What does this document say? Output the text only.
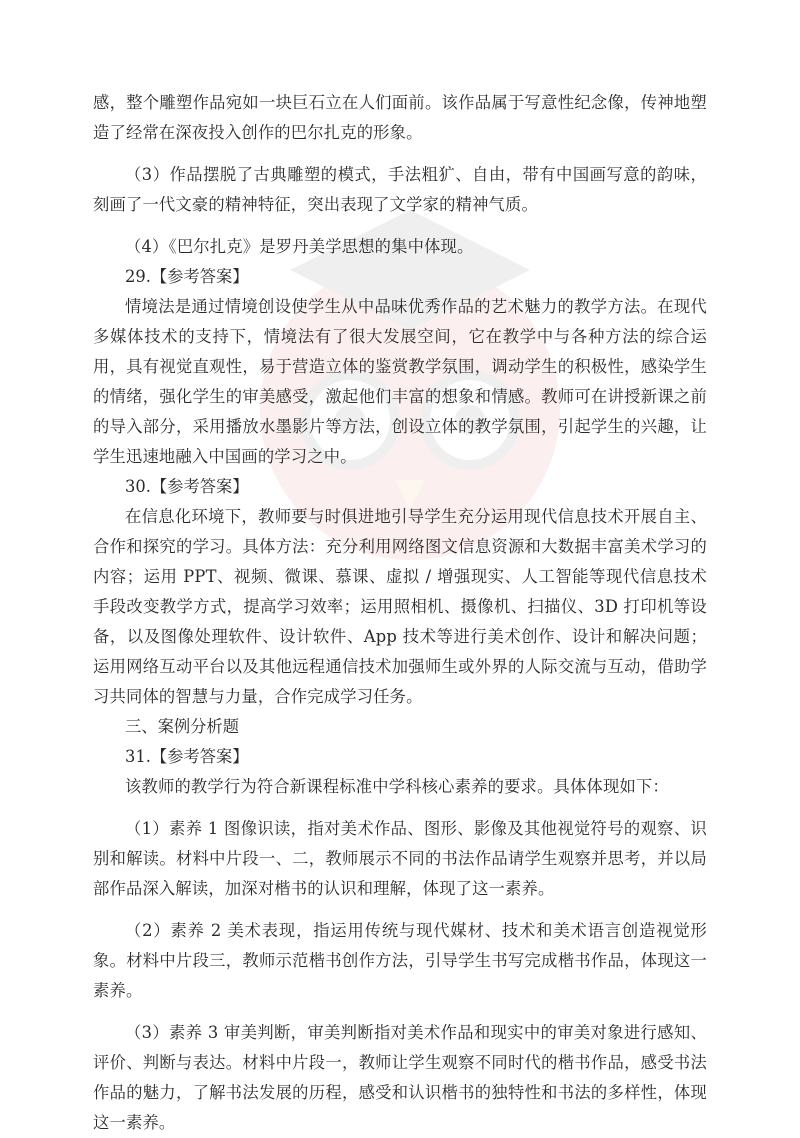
感，整个雕塑作品宛如一块巨石立在人们面前。该作品属于写意性纪念像，传神地塑造了经常在深夜投入创作的巴尔扎克的形象。

（3）作品摆脱了古典雕塑的模式，手法粗犷、自由，带有中国画写意的韵味，刻画了一代文豪的精神特征，突出表现了文学家的精神气质。

（4）《巴尔扎克》是罗丹美学思想的集中体现。

29.【参考答案】

情境法是通过情境创设使学生从中品味优秀作品的艺术魅力的教学方法。在现代多媒体技术的支持下，情境法有了很大发展空间，它在教学中与各种方法的综合运用，具有视觉直观性，易于营造立体的鉴赏教学氛围，调动学生的积极性，感染学生的情绪，强化学生的审美感受，激起他们丰富的想象和情感。教师可在讲授新课之前的导入部分，采用播放水墨影片等方法，创设立体的教学氛围，引起学生的兴趣，让学生迅速地融入中国画的学习之中。

30.【参考答案】

在信息化环境下，教师要与时俱进地引导学生充分运用现代信息技术开展自主、合作和探究的学习。具体方法：充分利用网络图文信息资源和大数据丰富美术学习的内容；运用 PPT、视频、微课、慕课、虚拟 / 增强现实、人工智能等现代信息技术手段改变教学方式，提高学习效率；运用照相机、摄像机、扫描仪、3D 打印机等设备，以及图像处理软件、设计软件、App 技术等进行美术创作、设计和解决问题；运用网络互动平台以及其他远程通信技术加强师生或外界的人际交流与互动，借助学习共同体的智慧与力量，合作完成学习任务。

三、案例分析题

31.【参考答案】

该教师的教学行为符合新课程标准中学科核心素养的要求。具体体现如下：

（1）素养 1 图像识读，指对美术作品、图形、影像及其他视觉符号的观察、识别和解读。材料中片段一、二，教师展示不同的书法作品请学生观察并思考，并以局部作品深入解读，加深对楷书的认识和理解，体现了这一素养。

（2）素养 2 美术表现，指运用传统与现代媒材、技术和美术语言创造视觉形象。材料中片段三，教师示范楷书创作方法，引导学生书写完成楷书作品，体现这一素养。

（3）素养 3 审美判断，审美判断指对美术作品和现实中的审美对象进行感知、评价、判断与表达。材料中片段一，教师让学生观察不同时代的楷书作品，感受书法作品的魅力，了解书法发展的历程，感受和认识楷书的独特性和书法的多样性，体现这一素养。
